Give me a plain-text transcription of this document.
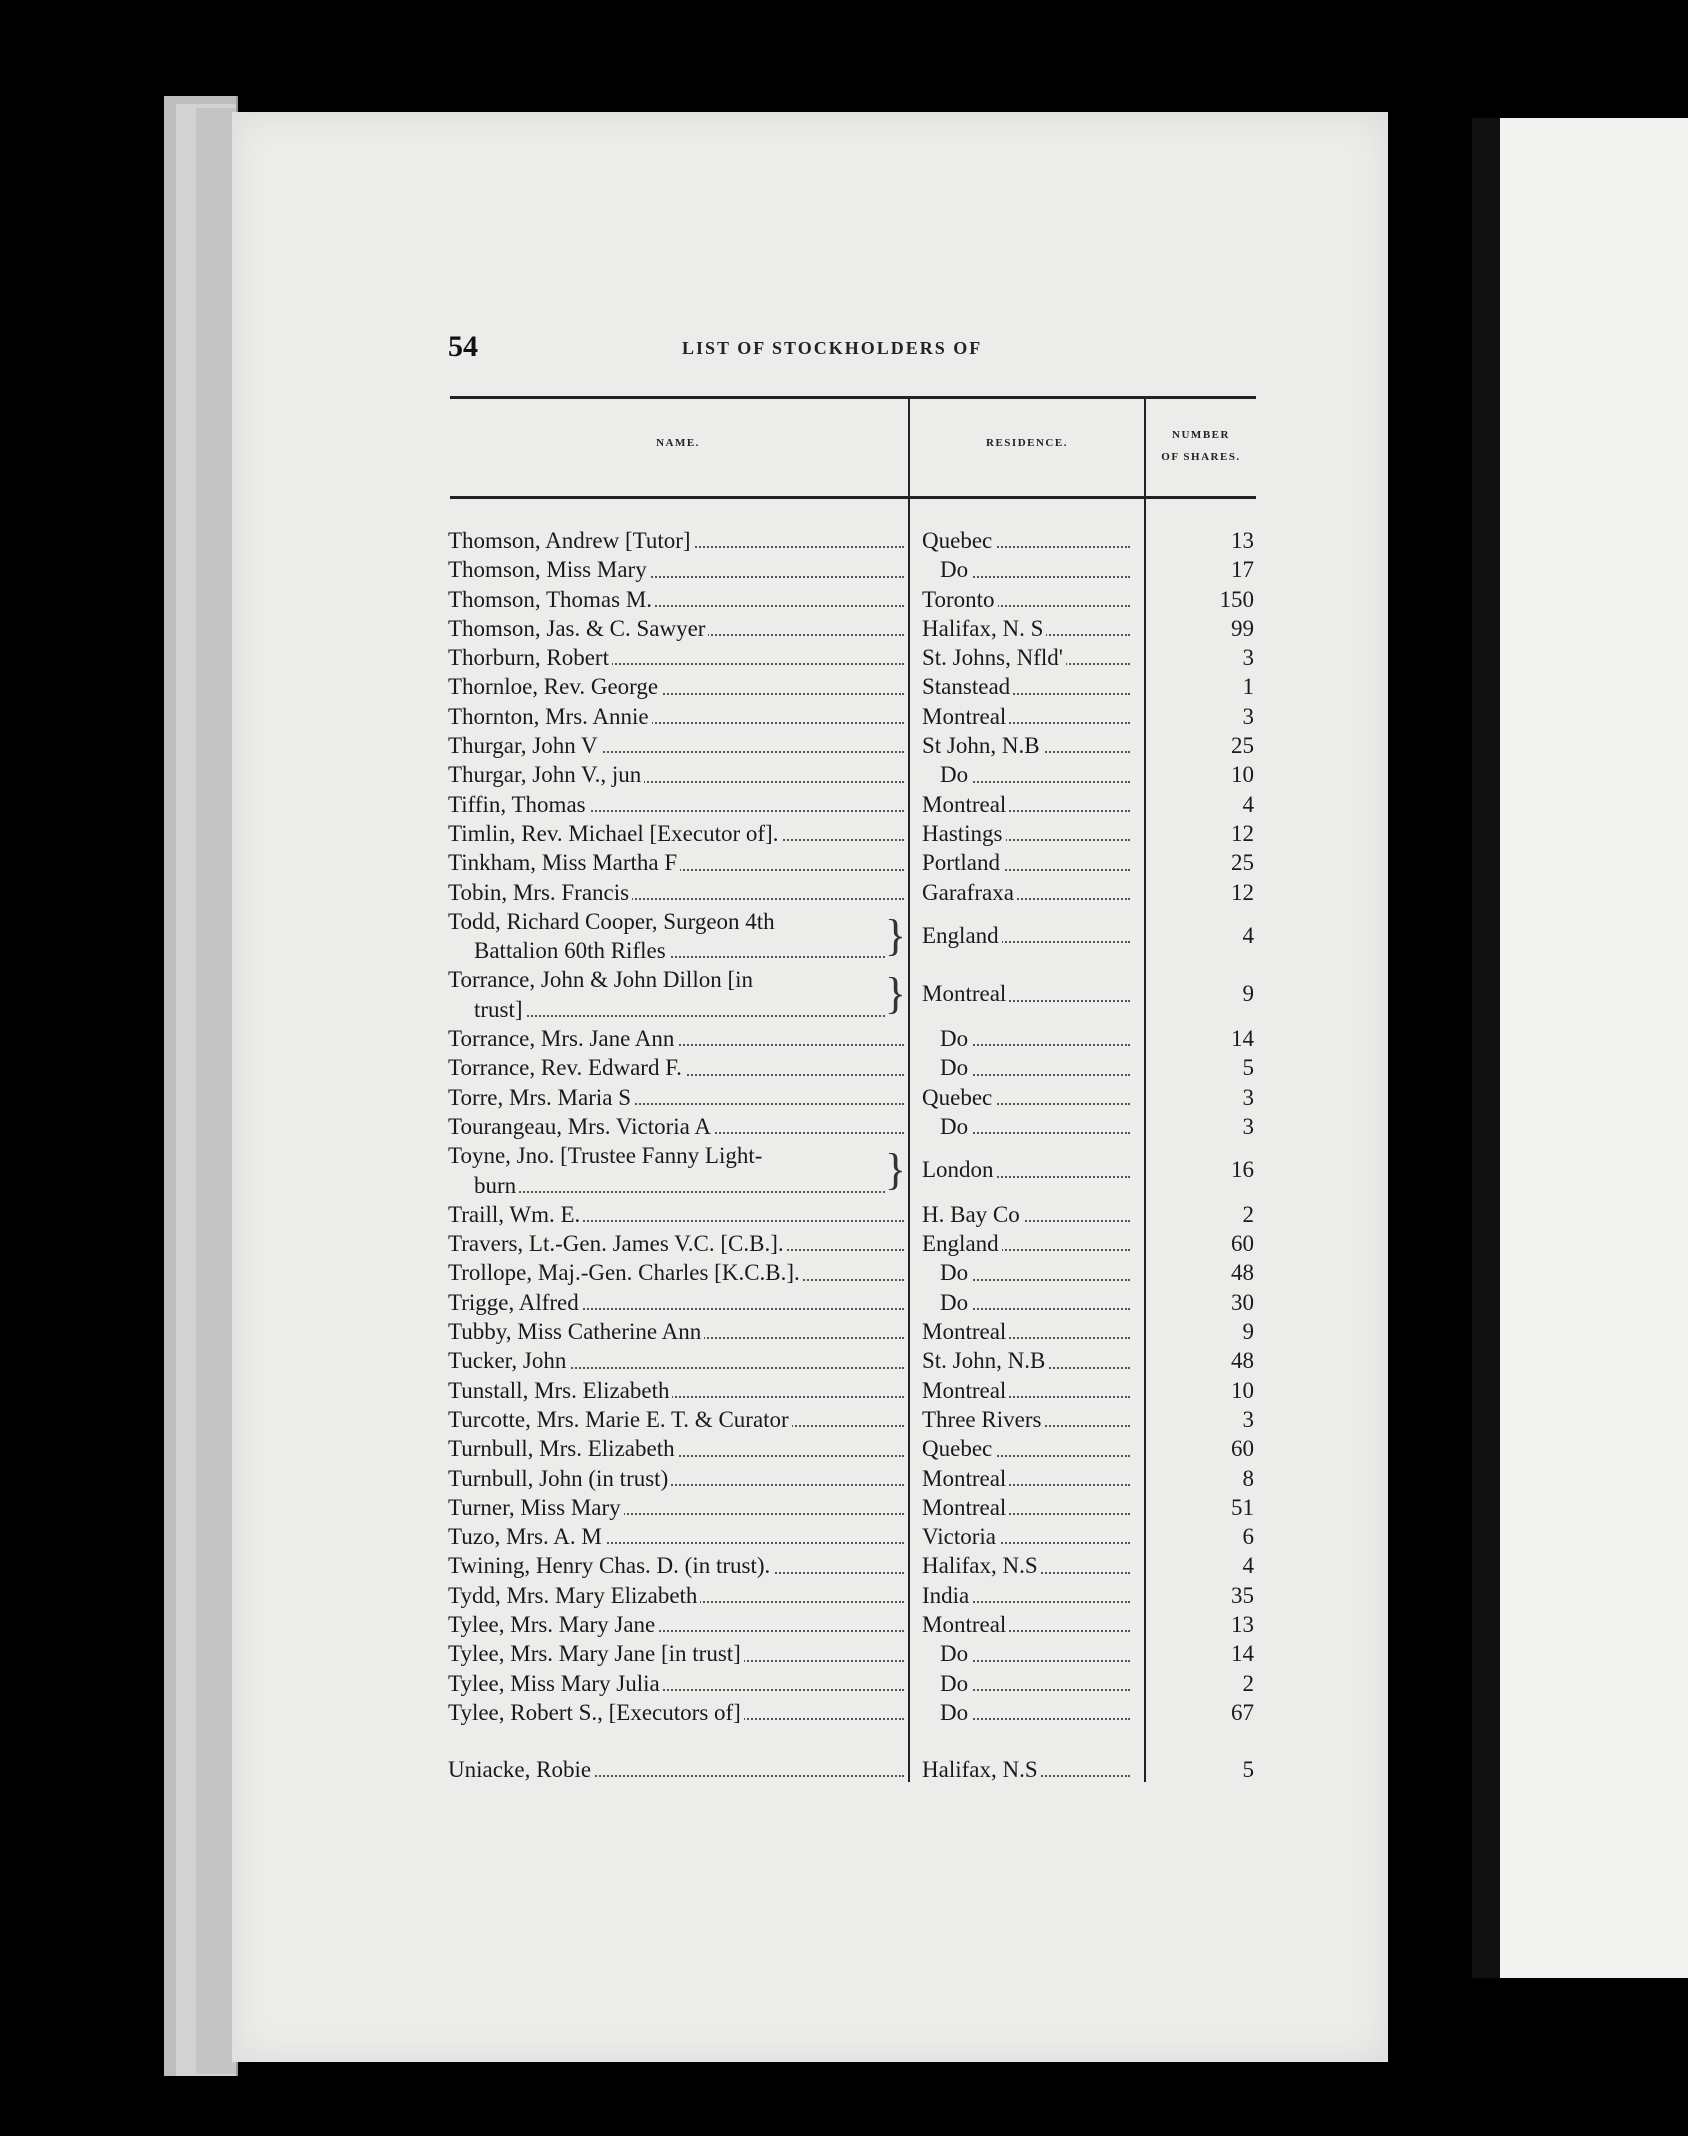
54	LIST OF STOCKHOLDERS OF
NAME.	RESIDENCE.
NUMBER
OF SHARES.
Thomson, Andrew [Tutor]	Quebec	13
Thomson, Miss Mary	Do	17
Thomson, Thomas M.	Toronto	150
Thomson, Jas. & C. Sawyer	Halifax, N. S	99
Thorburn, Robert	St. Johns, Nfld'	3
Thornloe, Rev. George	Stanstead	1
Thornton, Mrs. Annie	Montreal	3
Thurgar, John V	St John, N.B	25
Thurgar, John V., jun	Do	10
Tiffin, Thomas	Montreal	4
Timlin, Rev. Michael [Executor of].	Hastings	12
Tinkham, Miss Martha F	Portland	25
Tobin, Mrs. Francis	Garafraxa	12
Todd, Richard Cooper, Surgeon 4th
Battalion 60th Rifles	} England	4
Torrance, John & John Dillon [in
trust]	} Montreal	9
Torrance, Mrs. Jane Ann	Do	14
Torrance, Rev. Edward F.	Do	5
Torre, Mrs. Maria S	Quebec	3
Tourangeau, Mrs. Victoria A	Do	3
Toyne, Jno. [Trustee Fanny Light-
burn	} London	16
Traill, Wm. E.	H. Bay Co	2
Travers, Lt.-Gen. James V.C. [C.B.].	England	60
Trollope, Maj.-Gen. Charles [K.C.B.].	Do	48
Trigge, Alfred	Do	30
Tubby, Miss Catherine Ann	Montreal	9
Tucker, John	St. John, N.B	48
Tunstall, Mrs. Elizabeth	Montreal	10
Turcotte, Mrs. Marie E. T. & Curator	Three Rivers	3
Turnbull, Mrs. Elizabeth	Quebec	60
Turnbull, John (in trust)	Montreal	8
Turner, Miss Mary	Montreal	51
Tuzo, Mrs. A. M	Victoria	6
Twining, Henry Chas. D. (in trust).	Halifax, N.S	4
Tydd, Mrs. Mary Elizabeth	India	35
Tylee, Mrs. Mary Jane	Montreal	13
Tylee, Mrs. Mary Jane [in trust]	Do	14
Tylee, Miss Mary Julia	Do	2
Tylee, Robert S., [Executors of]	Do	67
Uniacke, Robie	Halifax, N.S	5
